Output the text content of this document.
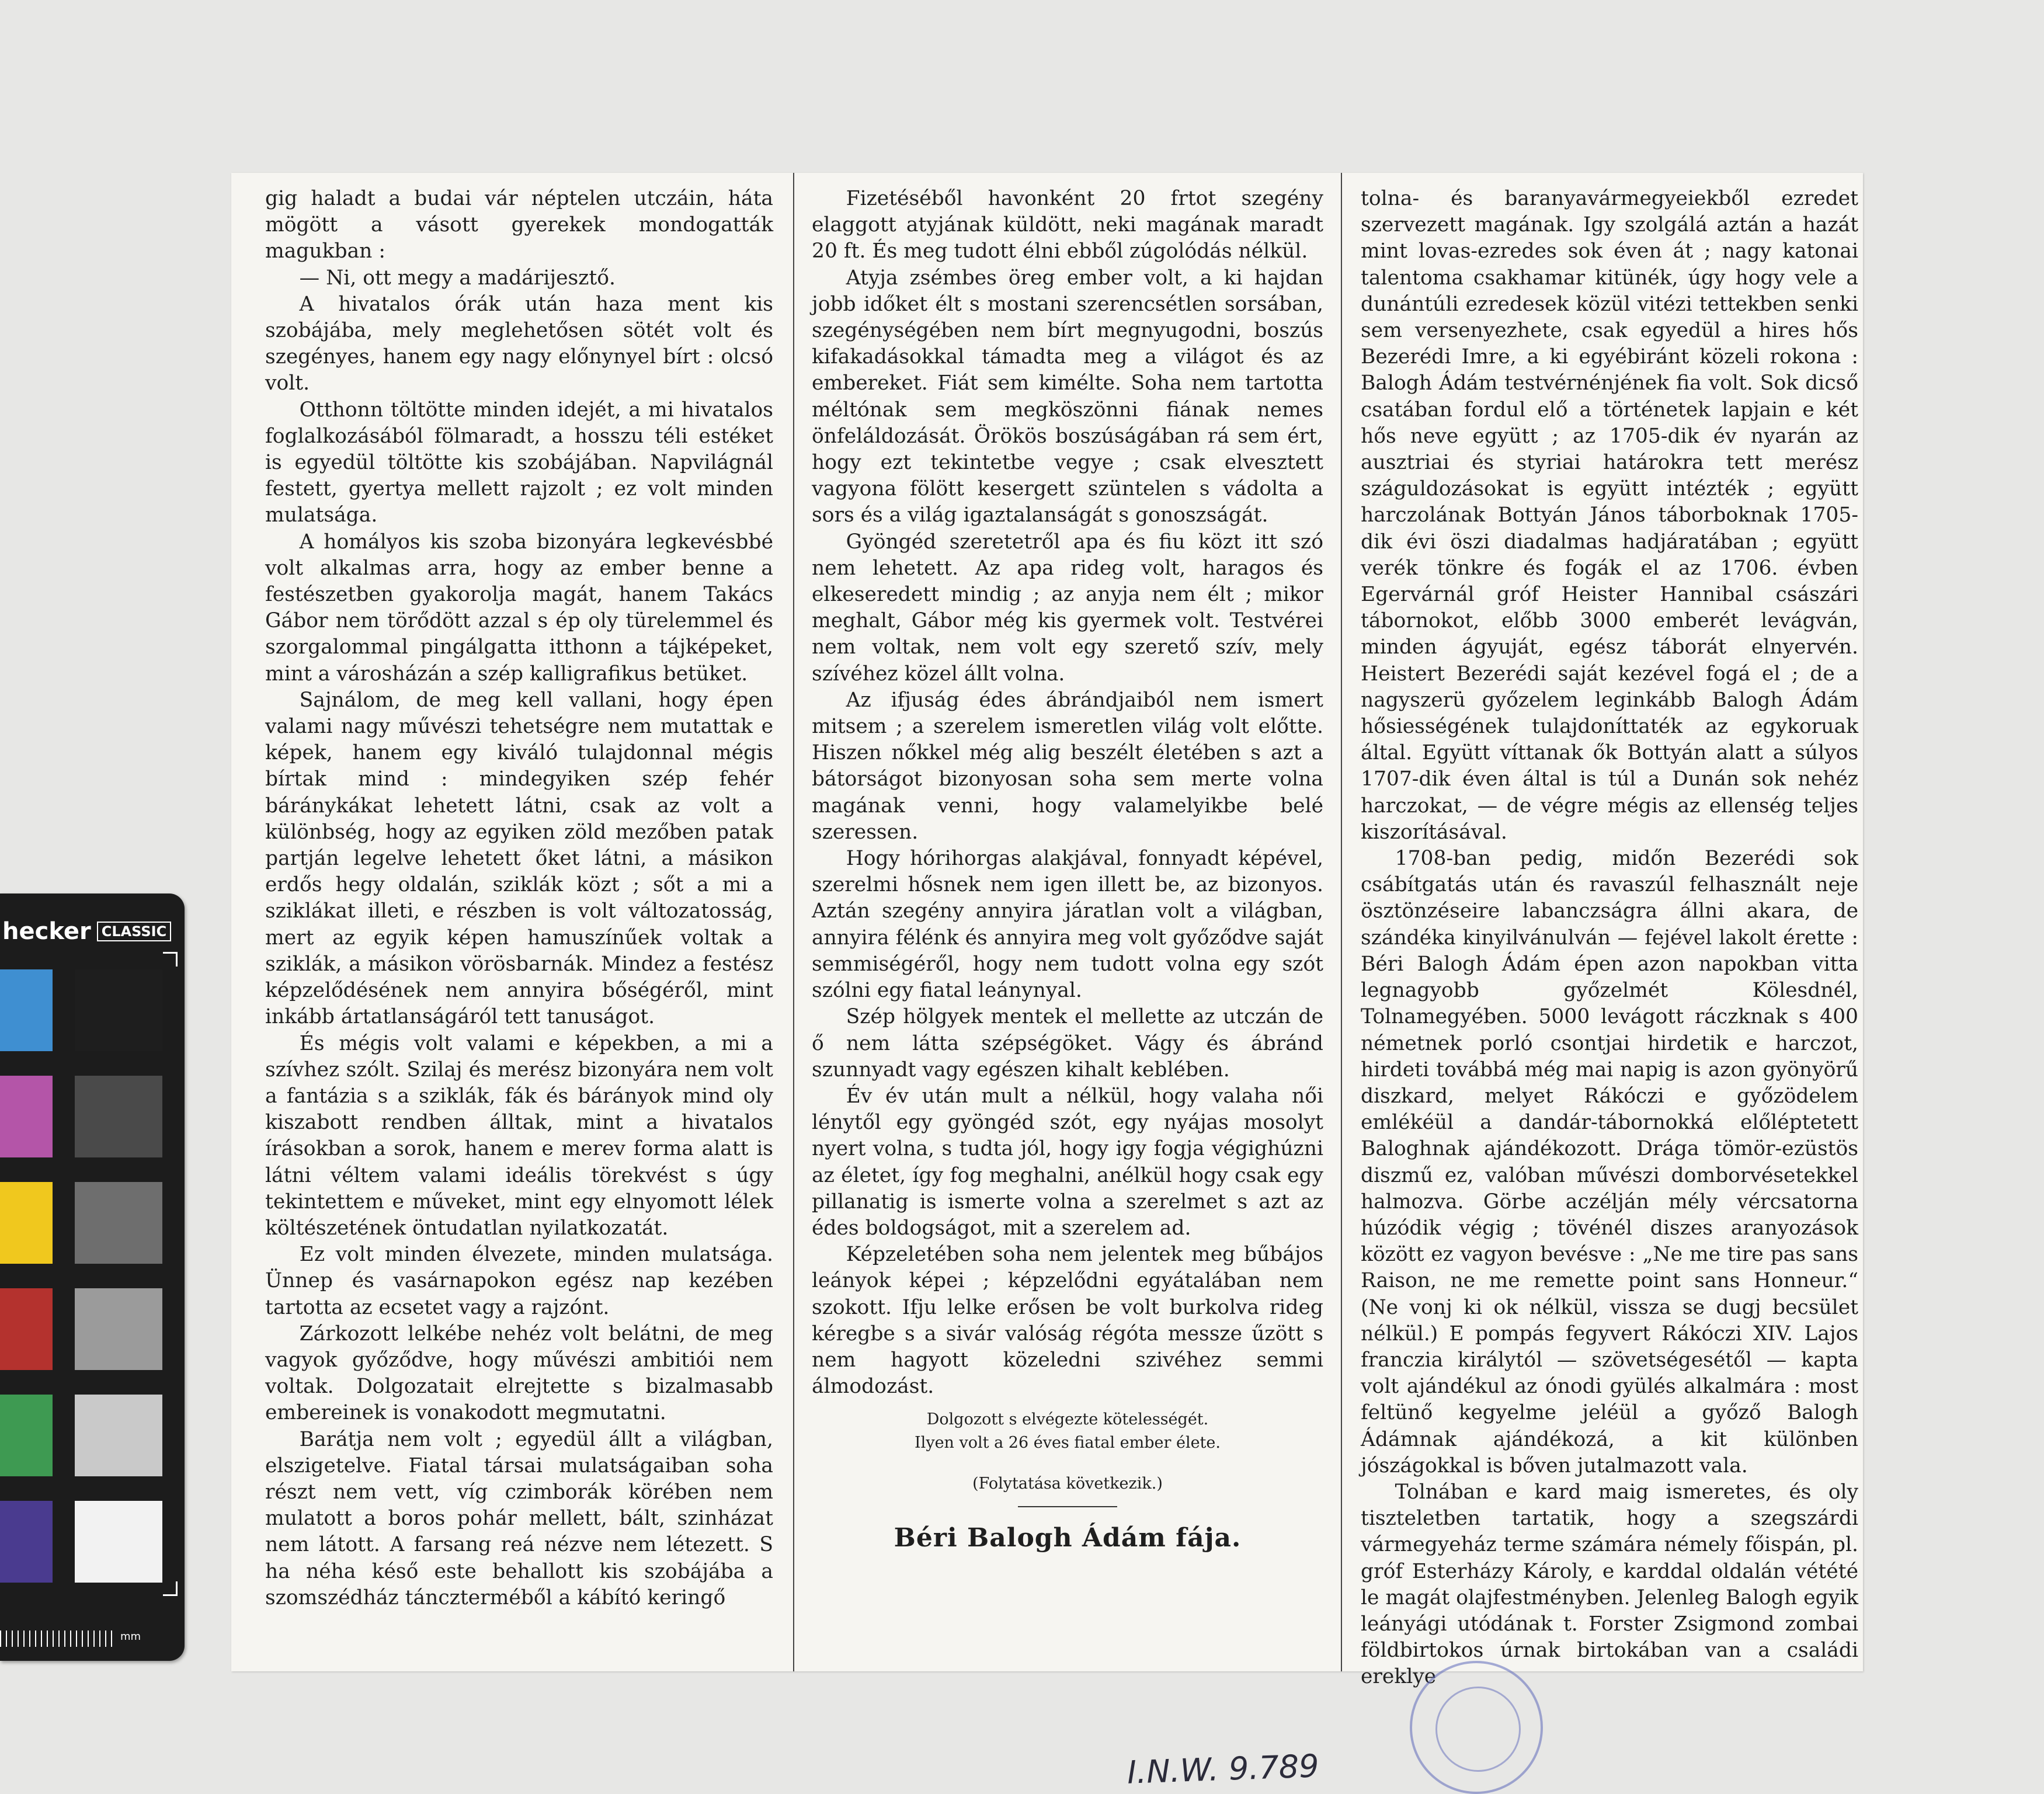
hecker CLASSIC
mm

gig haladt a budai vár néptelen utczáin, háta mögött a vásott gyerekek mondogatták magukban :

— Ni, ott megy a madárijesztő.

A hivatalos órák után haza ment kis szobájába, mely meglehetősen sötét volt és szegényes, hanem egy nagy előnynyel bírt : olcsó volt.

Otthonn töltötte minden idejét, a mi hivatalos foglalkozásából fölmaradt, a hosszu téli estéket is egyedül töltötte kis szobájában. Napvilágnál festett, gyertya mellett rajzolt ; ez volt minden mulatsága.

A homályos kis szoba bizonyára legkevésbbé volt alkalmas arra, hogy az ember benne a festészetben gyakorolja magát, hanem Takács Gábor nem törődött azzal s ép oly türelemmel és szorgalommal pingálgatta itthonn a tájképeket, mint a városházán a szép kalligrafikus betüket.

Sajnálom, de meg kell vallani, hogy épen valami nagy művészi tehetségre nem mutattak e képek, hanem egy kiváló tulajdonnal mégis bírtak mind : mindegyiken szép fehér báránykákat lehetett látni, csak az volt a különbség, hogy az egyiken zöld mezőben patak partján legelve lehetett őket látni, a másikon erdős hegy oldalán, sziklák közt ; sőt a mi a sziklákat illeti, e részben is volt változatosság, mert az egyik képen hamuszínűek voltak a sziklák, a másikon vörösbarnák. Mindez a festész képzelődésének nem annyira bőségéről, mint inkább ártatlanságáról tett tanuságot.

És mégis volt valami e képekben, a mi a szívhez szólt. Szilaj és merész bizonyára nem volt a fantázia s a sziklák, fák és bárányok mind oly kiszabott rendben álltak, mint a hivatalos írásokban a sorok, hanem e merev forma alatt is látni véltem valami ideális törekvést s úgy tekintettem e műveket, mint egy elnyomott lélek költészetének öntudatlan nyilatkozatát.

Ez volt minden élvezete, minden mulatsága. Ünnep és vasárnapokon egész nap kezében tartotta az ecsetet vagy a rajzónt.

Zárkozott lelkébe nehéz volt belátni, de meg vagyok győződve, hogy művészi ambitiói nem voltak. Dolgozatait elrejtette s bizalmasabb embereinek is vonakodott megmutatni.

Barátja nem volt ; egyedül állt a világban, elszigetelve. Fiatal társai mulatságaiban soha részt nem vett, víg czimborák körében nem mulatott a boros pohár mellett, bált, szinházat nem látott. A farsang reá nézve nem létezett. S ha néha késő este behallott kis szobájába a szomszédház tánczterméből a kábító keringő

Fizetéséből havonként 20 frtot szegény elaggott atyjának küldött, neki magának maradt 20 ft. És meg tudott élni ebből zúgolódás nélkül.

Atyja zsémbes öreg ember volt, a ki hajdan jobb időket élt s mostani szerencsétlen sorsában, szegénységében nem bírt megnyugodni, boszús kifakadásokkal támadta meg a világot és az embereket. Fiát sem kimélte. Soha nem tartotta méltónak sem megköszönni fiának nemes önfeláldozását. Örökös boszúságában rá sem ért, hogy ezt tekintetbe vegye ; csak elvesztett vagyona fölött kesergett szüntelen s vádolta a sors és a világ igaztalanságát s gonoszságát.

Gyöngéd szeretetről apa és fiu közt itt szó nem lehetett. Az apa rideg volt, haragos és elkeseredett mindig ; az anyja nem élt ; mikor meghalt, Gábor még kis gyermek volt. Testvérei nem voltak, nem volt egy szerető szív, mely szívéhez közel állt volna.

Az ifjuság édes ábrándjaiból nem ismert mitsem ; a szerelem ismeretlen világ volt előtte. Hiszen nőkkel még alig beszélt életében s azt a bátorságot bizonyosan soha sem merte volna magának venni, hogy valamelyikbe belé szeressen.

Hogy hórihorgas alakjával, fonnyadt képével, szerelmi hősnek nem igen illett be, az bizonyos. Aztán szegény annyira járatlan volt a világban, annyira félénk és annyira meg volt győződve saját semmiségéről, hogy nem tudott volna egy szót szólni egy fiatal leánynyal.

Szép hölgyek mentek el mellette az utczán de ő nem látta szépségöket. Vágy és ábránd szunnyadt vagy egészen kihalt keblében.

Év év után mult a nélkül, hogy valaha női lénytől egy gyöngéd szót, egy nyájas mosolyt nyert volna, s tudta jól, hogy igy fogja végighúzni az életet, így fog meghalni, anélkül hogy csak egy pillanatig is ismerte volna a szerelmet s azt az édes boldogságot, mit a szerelem ad.

Képzeletében soha nem jelentek meg bűbájos leányok képei ; képzelődni egyátalában nem szokott. Ifju lelke erősen be volt burkolva rideg kéregbe s a sivár valóság régóta messze űzött s nem hagyott közeledni szivéhez semmi álmodozást.

Dolgozott s elvégezte kötelességét.
Ilyen volt a 26 éves fiatal ember élete.
(Folytatása következik.)
Béri Balogh Ádám fája.

tolna- és baranyavármegyeiekből ezredet szervezett magának. Igy szolgálá aztán a hazát mint lovas-ezredes sok éven át ; nagy katonai talentoma csakhamar kitünék, úgy hogy vele a dunántúli ezredesek közül vitézi tettekben senki sem versenyezhete, csak egyedül a hires hős Bezerédi Imre, a ki egyébiránt közeli rokona : Balogh Ádám testvérnénjének fia volt. Sok dicső csatában fordul elő a történetek lapjain e két hős neve együtt ; az 1705-dik év nyarán az ausztriai és styriai határokra tett merész száguldozásokat is együtt intézték ; együtt harczolának Bottyán János táborboknak 1705-dik évi öszi diadalmas hadjáratában ; együtt verék tönkre és fogák el az 1706. évben Egervárnál gróf Heister Hannibal császári tábornokot, előbb 3000 emberét levágván, minden ágyuját, egész táborát elnyervén. Heistert Bezerédi saját kezével fogá el ; de a nagyszerü győzelem leginkább Balogh Ádám hősiességének tulajdoníttaték az egykoruak által. Együtt víttanak ők Bottyán alatt a súlyos 1707-dik éven által is túl a Dunán sok nehéz harczokat, — de végre mégis az ellenség teljes kiszorításával.

1708-ban pedig, midőn Bezerédi sok csábítgatás után és ravaszúl felhasznált neje ösztönzéseire labanczságra állni akara, de szándéka kinyilvánulván — fejével lakolt érette : Béri Balogh Ádám épen azon napokban vitta legnagyobb győzelmét Kölesdnél, Tolnamegyében. 5000 levágott ráczknak s 400 németnek porló csontjai hirdetik e harczot, hirdeti továbbá még mai napig is azon gyönyörű diszkard, melyet Rákóczi e győzödelem emlékéül a dandár-tábornokká előléptetett Baloghnak ajándékozott. Drága tömör-ezüstös diszmű ez, valóban művészi domborvésetekkel halmozva. Görbe aczélján mély vércsatorna húzódik végig ; tövénél diszes aranyozások között ez vagyon bevésve : „Ne me tire pas sans Raison, ne me remette point sans Honneur.“ (Ne vonj ki ok nélkül, vissza se dugj becsület nélkül.) E pompás fegyvert Rákóczi XIV. Lajos franczia királytól — szövetségesétől — kapta volt ajándékul az ónodi gyülés alkalmára : most feltünő kegyelme jeléül a győző Balogh Ádámnak ajándékozá, a kit különben jószágokkal is bőven jutalmazott vala.

Tolnában e kard maig ismeretes, és oly tiszteletben tartatik, hogy a szegszárdi vármegyeház terme számára némely főispán, pl. gróf Esterházy Károly, e karddal oldalán vétété le magát olajfestményben. Jelenleg Balogh egyik leányági utódának t. Forster Zsigmond zombai földbirtokos úrnak birtokában van a családi ereklye

I.N.W. 9.789
